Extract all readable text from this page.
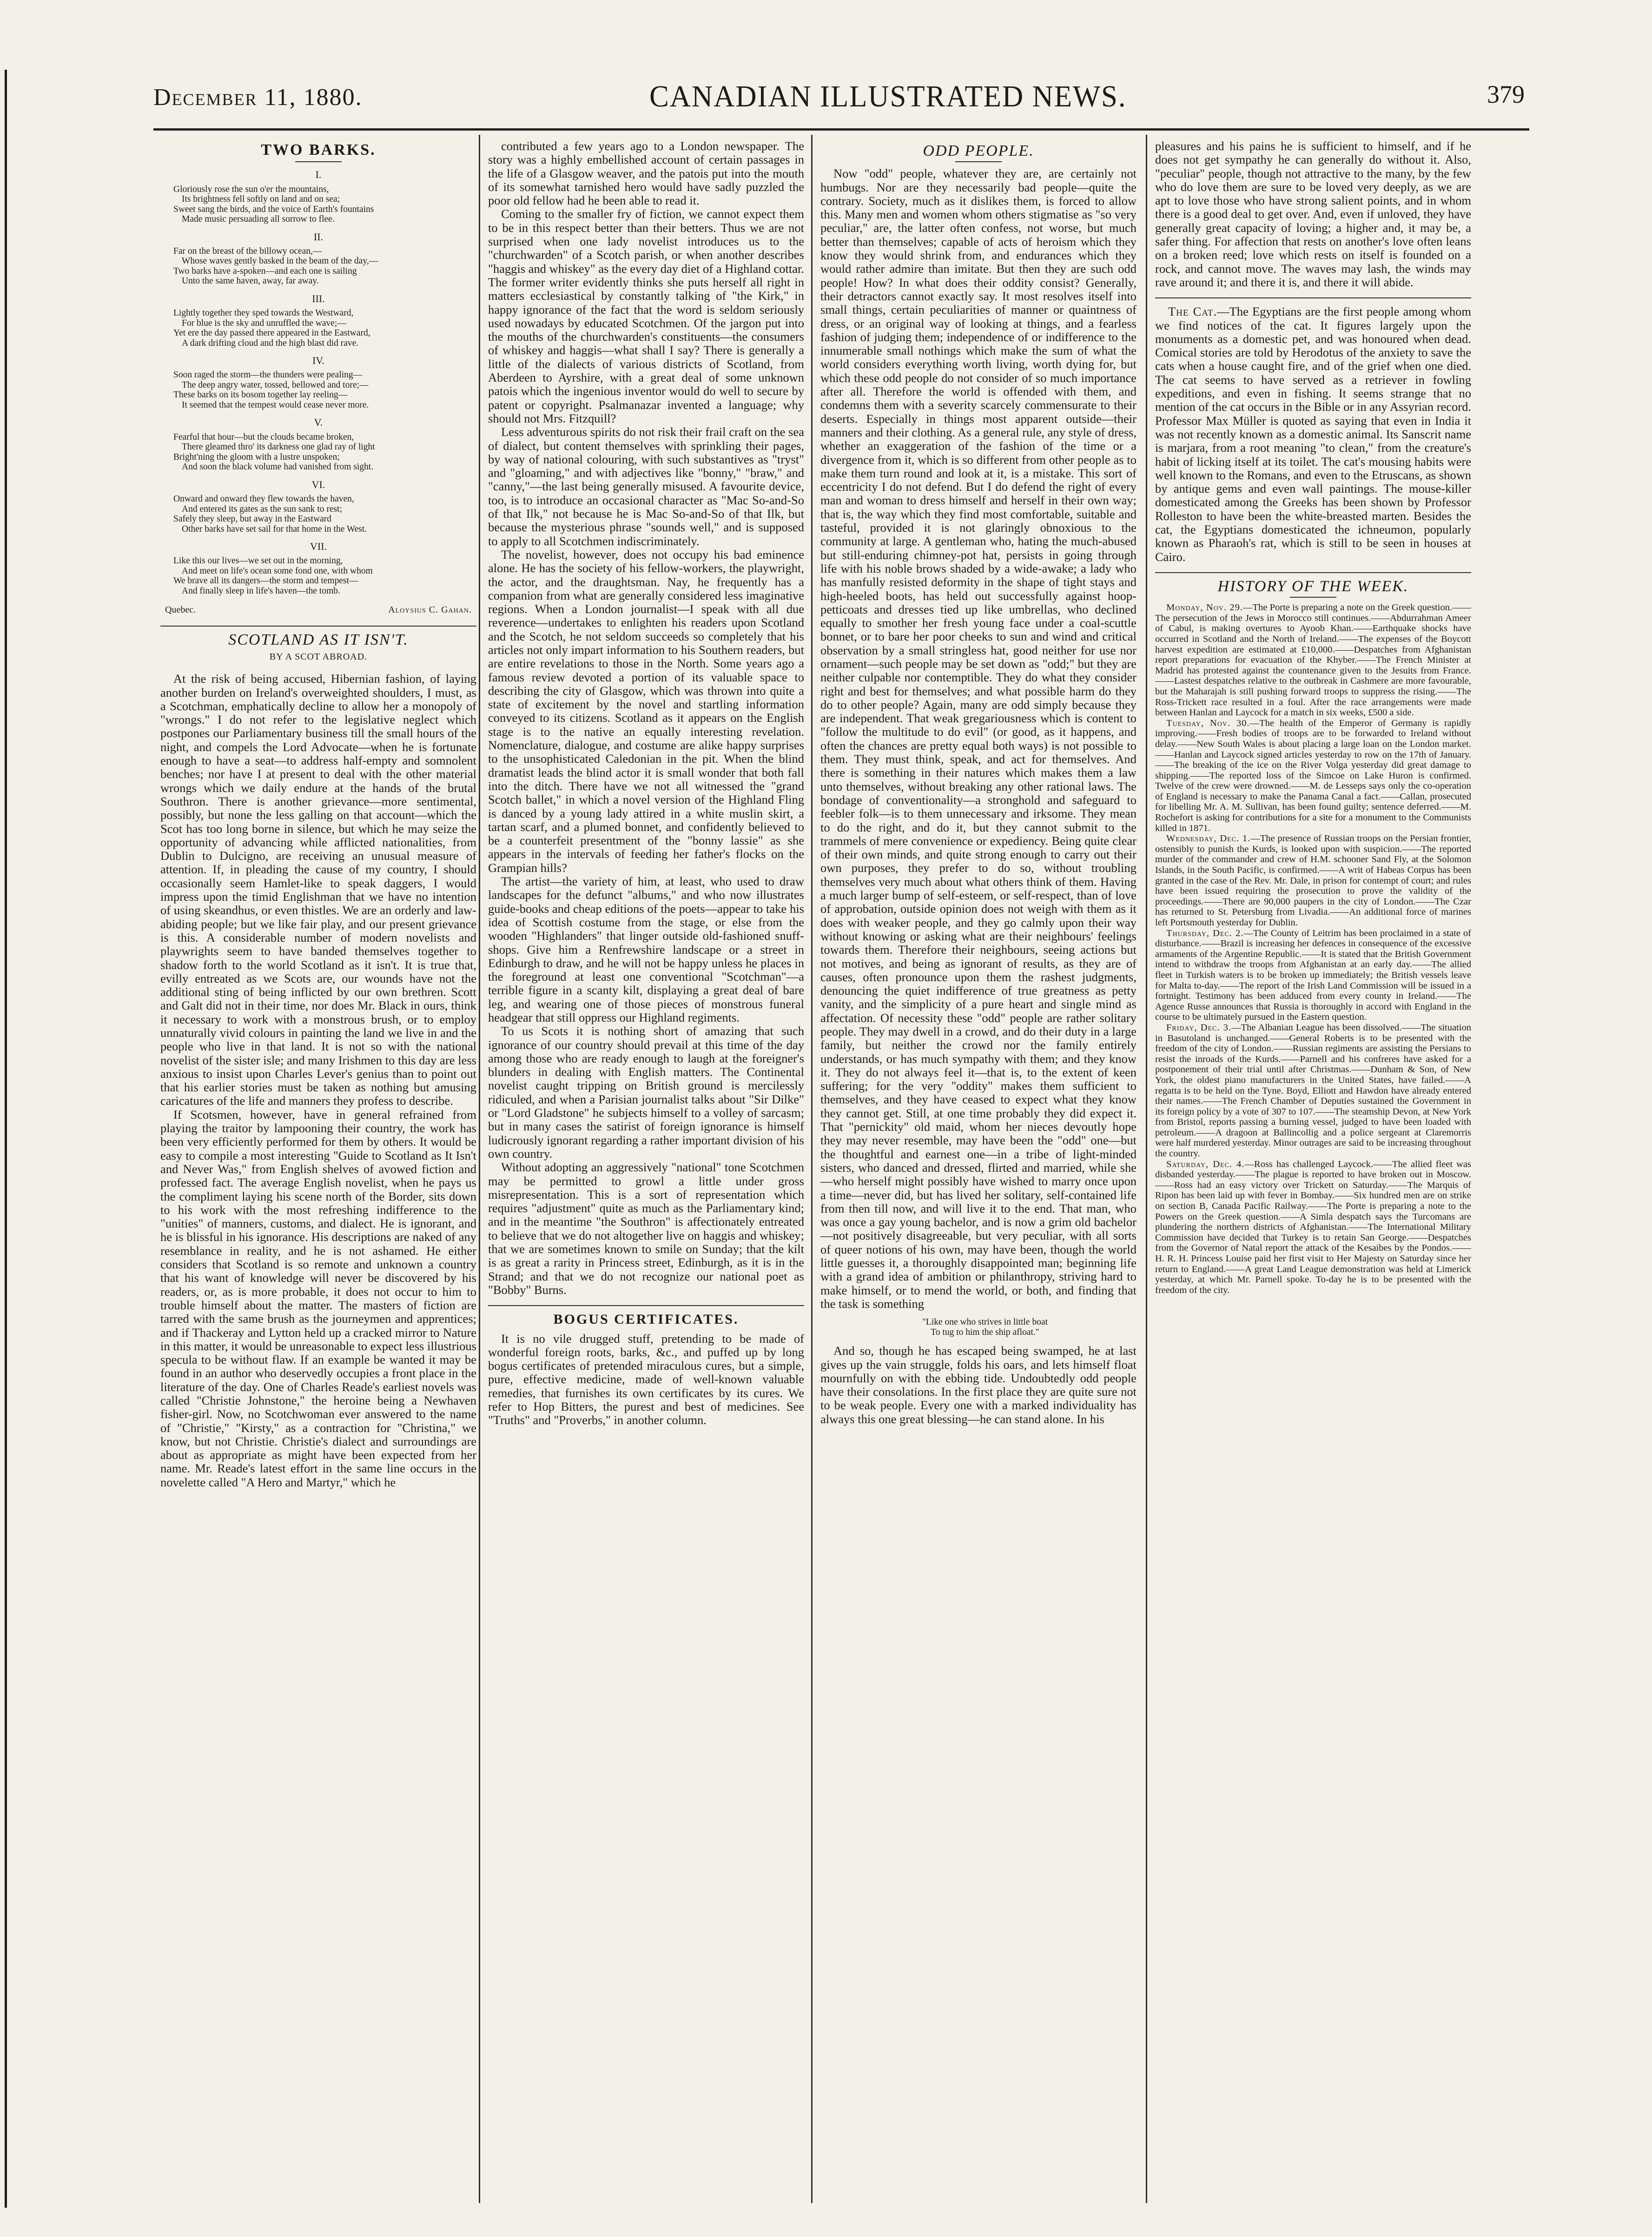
December 11, 1880.	CANADIAN ILLUSTRATED NEWS.	379
TWO BARKS.
I.

Gloriously rose the sun o'er the mountains,

Its brightness fell softly on land and on sea;

Sweet sang the birds, and the voice of Earth's fountains

Made music persuading all sorrow to flee.

II.

Far on the breast of the billowy ocean,—

Whose waves gently basked in the beam of the day,—

Two barks have a-spoken—and each one is sailing

Unto the same haven, away, far away.

III.

Lightly together they sped towards the Westward,

For blue is the sky and unruffled the wave;—

Yet ere the day passed there appeared in the Eastward,

A dark drifting cloud and the high blast did rave.

IV.

Soon raged the storm—the thunders were pealing—

The deep angry water, tossed, bellowed and tore;—

These barks on its bosom together lay reeling—

It seemed that the tempest would cease never more.

V.

Fearful that hour—but the clouds became broken,

There gleamed thro' its darkness one glad ray of light

Bright'ning the gloom with a lustre unspoken;

And soon the black volume had vanished from sight.

VI.

Onward and onward they flew towards the haven,

And entered its gates as the sun sank to rest;

Safely they sleep, but away in the Eastward

Other barks have set sail for that home in the West.

VII.

Like this our lives—we set out in the morning,

And meet on life's ocean some fond one, with whom

We brave all its dangers—the storm and tempest—

And finally sleep in life's haven—the tomb.

Quebec.	Aloysius C. Gahan.
SCOTLAND AS IT ISN'T.
BY A SCOT ABROAD.

At the risk of being accused, Hibernian fashion, of laying another burden on Ireland's overweighted shoulders, I must, as a Scotchman, emphatically decline to allow her a monopoly of "wrongs." I do not refer to the legislative neglect which postpones our Parliamentary business till the small hours of the night, and compels the Lord Advocate—when he is fortunate enough to have a seat—to address half-empty and somnolent benches; nor have I at present to deal with the other material wrongs which we daily endure at the hands of the brutal Southron. There is another grievance—more sentimental, possibly, but none the less galling on that account—which the Scot has too long borne in silence, but which he may seize the opportunity of advancing while afflicted nationalities, from Dublin to Dulcigno, are receiving an unusual measure of attention. If, in pleading the cause of my country, I should occasionally seem Hamlet-like to speak daggers, I would impress upon the timid Englishman that we have no intention of using skeandhus, or even thistles. We are an orderly and law-abiding people; but we like fair play, and our present grievance is this. A considerable number of modern novelists and playwrights seem to have banded themselves together to shadow forth to the world Scotland as it isn't. It is true that, evilly entreated as we Scots are, our wounds have not the additional sting of being inflicted by our own brethren. Scott and Galt did not in their time, nor does Mr. Black in ours, think it necessary to work with a monstrous brush, or to employ unnaturally vivid colours in painting the land we live in and the people who live in that land. It is not so with the national novelist of the sister isle; and many Irishmen to this day are less anxious to insist upon Charles Lever's genius than to point out that his earlier stories must be taken as nothing but amusing caricatures of the life and manners they profess to describe.

If Scotsmen, however, have in general refrained from playing the traitor by lampooning their country, the work has been very efficiently performed for them by others. It would be easy to compile a most interesting "Guide to Scotland as It Isn't and Never Was," from English shelves of avowed fiction and professed fact. The average English novelist, when he pays us the compliment laying his scene north of the Border, sits down to his work with the most refreshing indifference to the "unities" of manners, customs, and dialect. He is ignorant, and he is blissful in his ignorance. His descriptions are naked of any resemblance in reality, and he is not ashamed. He either considers that Scotland is so remote and unknown a country that his want of knowledge will never be discovered by his readers, or, as is more probable, it does not occur to him to trouble himself about the matter. The masters of fiction are tarred with the same brush as the journeymen and apprentices; and if Thackeray and Lytton held up a cracked mirror to Nature in this matter, it would be unreasonable to expect less illustrious specula to be without flaw. If an example be wanted it may be found in an author who deservedly occupies a front place in the literature of the day. One of Charles Reade's earliest novels was called "Christie Johnstone," the heroine being a Newhaven fisher-girl. Now, no Scotchwoman ever answered to the name of "Christie," "Kirsty," as a contraction for "Christina," we know, but not Christie. Christie's dialect and surroundings are about as appropriate as might have been expected from her name. Mr. Reade's latest effort in the same line occurs in the novelette called "A Hero and Martyr," which he

contributed a few years ago to a London newspaper. The story was a highly embellished account of certain passages in the life of a Glasgow weaver, and the patois put into the mouth of its somewhat tarnished hero would have sadly puzzled the poor old fellow had he been able to read it.

Coming to the smaller fry of fiction, we cannot expect them to be in this respect better than their betters. Thus we are not surprised when one lady novelist introduces us to the "churchwarden" of a Scotch parish, or when another describes "haggis and whiskey" as the every day diet of a Highland cottar. The former writer evidently thinks she puts herself all right in matters ecclesiastical by constantly talking of "the Kirk," in happy ignorance of the fact that the word is seldom seriously used nowadays by educated Scotchmen. Of the jargon put into the mouths of the churchwarden's constituents—the consumers of whiskey and haggis—what shall I say? There is generally a little of the dialects of various districts of Scotland, from Aberdeen to Ayrshire, with a great deal of some unknown patois which the ingenious inventor would do well to secure by patent or copyright. Psalmanazar invented a language; why should not Mrs. Fitzquill?

Less adventurous spirits do not risk their frail craft on the sea of dialect, but content themselves with sprinkling their pages, by way of national colouring, with such substantives as "tryst" and "gloaming," and with adjectives like "bonny," "braw," and "canny,"—the last being generally misused. A favourite device, too, is to introduce an occasional character as "Mac So-and-So of that Ilk," not because he is Mac So-and-So of that Ilk, but because the mysterious phrase "sounds well," and is supposed to apply to all Scotchmen indiscriminately.

The novelist, however, does not occupy his bad eminence alone. He has the society of his fellow-workers, the playwright, the actor, and the draughtsman. Nay, he frequently has a companion from what are generally considered less imaginative regions. When a London journalist—I speak with all due reverence—undertakes to enlighten his readers upon Scotland and the Scotch, he not seldom succeeds so completely that his articles not only impart information to his Southern readers, but are entire revelations to those in the North. Some years ago a famous review devoted a portion of its valuable space to describing the city of Glasgow, which was thrown into quite a state of excitement by the novel and startling information conveyed to its citizens. Scotland as it appears on the English stage is to the native an equally interesting revelation. Nomenclature, dialogue, and costume are alike happy surprises to the unsophisticated Caledonian in the pit. When the blind dramatist leads the blind actor it is small wonder that both fall into the ditch. There have we not all witnessed the "grand Scotch ballet," in which a novel version of the Highland Fling is danced by a young lady attired in a white muslin skirt, a tartan scarf, and a plumed bonnet, and confidently believed to be a counterfeit presentment of the "bonny lassie" as she appears in the intervals of feeding her father's flocks on the Grampian hills?

The artist—the variety of him, at least, who used to draw landscapes for the defunct "albums," and who now illustrates guide-books and cheap editions of the poets—appear to take his idea of Scottish costume from the stage, or else from the wooden "Highlanders" that linger outside old-fashioned snuff-shops. Give him a Renfrewshire landscape or a street in Edinburgh to draw, and he will not be happy unless he places in the foreground at least one conventional "Scotchman"—a terrible figure in a scanty kilt, displaying a great deal of bare leg, and wearing one of those pieces of monstrous funeral headgear that still oppress our Highland regiments.

To us Scots it is nothing short of amazing that such ignorance of our country should prevail at this time of the day among those who are ready enough to laugh at the foreigner's blunders in dealing with English matters. The Continental novelist caught tripping on British ground is mercilessly ridiculed, and when a Parisian journalist talks about "Sir Dilke" or "Lord Gladstone" he subjects himself to a volley of sarcasm; but in many cases the satirist of foreign ignorance is himself ludicrously ignorant regarding a rather important division of his own country.

Without adopting an aggressively "national" tone Scotchmen may be permitted to growl a little under gross misrepresentation. This is a sort of representation which requires "adjustment" quite as much as the Parliamentary kind; and in the meantime "the Southron" is affectionately entreated to believe that we do not altogether live on haggis and whiskey; that we are sometimes known to smile on Sunday; that the kilt is as great a rarity in Princess street, Edinburgh, as it is in the Strand; and that we do not recognize our national poet as "Bobby" Burns.

BOGUS CERTIFICATES.

It is no vile drugged stuff, pretending to be made of wonderful foreign roots, barks, &c., and puffed up by long bogus certificates of pretended miraculous cures, but a simple, pure, effective medicine, made of well-known valuable remedies, that furnishes its own certificates by its cures. We refer to Hop Bitters, the purest and best of medicines. See "Truths" and "Proverbs," in another column.

ODD PEOPLE.

Now "odd" people, whatever they are, are certainly not humbugs. Nor are they necessarily bad people—quite the contrary. Society, much as it dislikes them, is forced to allow this. Many men and women whom others stigmatise as "so very peculiar," are, the latter often confess, not worse, but much better than themselves; capable of acts of heroism which they know they would shrink from, and endurances which they would rather admire than imitate. But then they are such odd people! How? In what does their oddity consist? Generally, their detractors cannot exactly say. It most resolves itself into small things, certain peculiarities of manner or quaintness of dress, or an original way of looking at things, and a fearless fashion of judging them; independence of or indifference to the innumerable small nothings which make the sum of what the world considers everything worth living, worth dying for, but which these odd people do not consider of so much importance after all. Therefore the world is offended with them, and condemns them with a severity scarcely commensurate to their deserts. Especially in things most apparent outside—their manners and their clothing. As a general rule, any style of dress, whether an exaggeration of the fashion of the time or a divergence from it, which is so different from other people as to make them turn round and look at it, is a mistake. This sort of eccentricity I do not defend. But I do defend the right of every man and woman to dress himself and herself in their own way; that is, the way which they find most comfortable, suitable and tasteful, provided it is not glaringly obnoxious to the community at large. A gentleman who, hating the much-abused but still-enduring chimney-pot hat, persists in going through life with his noble brows shaded by a wide-awake; a lady who has manfully resisted deformity in the shape of tight stays and high-heeled boots, has held out successfully against hoop-petticoats and dresses tied up like umbrellas, who declined equally to smother her fresh young face under a coal-scuttle bonnet, or to bare her poor cheeks to sun and wind and critical observation by a small stringless hat, good neither for use nor ornament—such people may be set down as "odd;" but they are neither culpable nor contemptible. They do what they consider right and best for themselves; and what possible harm do they do to other people? Again, many are odd simply because they are independent. That weak gregariousness which is content to "follow the multitude to do evil" (or good, as it happens, and often the chances are pretty equal both ways) is not possible to them. They must think, speak, and act for themselves. And there is something in their natures which makes them a law unto themselves, without breaking any other rational laws. The bondage of conventionality—a stronghold and safeguard to feebler folk—is to them unnecessary and irksome. They mean to do the right, and do it, but they cannot submit to the trammels of mere convenience or expediency. Being quite clear of their own minds, and quite strong enough to carry out their own purposes, they prefer to do so, without troubling themselves very much about what others think of them. Having a much larger bump of self-esteem, or self-respect, than of love of approbation, outside opinion does not weigh with them as it does with weaker people, and they go calmly upon their way without knowing or asking what are their neighbours' feelings towards them. Therefore their neighbours, seeing actions but not motives, and being as ignorant of results, as they are of causes, often pronounce upon them the rashest judgments, denouncing the quiet indifference of true greatness as petty vanity, and the simplicity of a pure heart and single mind as affectation. Of necessity these "odd" people are rather solitary people. They may dwell in a crowd, and do their duty in a large family, but neither the crowd nor the family entirely understands, or has much sympathy with them; and they know it. They do not always feel it—that is, to the extent of keen suffering; for the very "oddity" makes them sufficient to themselves, and they have ceased to expect what they know they cannot get. Still, at one time probably they did expect it. That "pernickity" old maid, whom her nieces devoutly hope they may never resemble, may have been the "odd" one—but the thoughtful and earnest one—in a tribe of light-minded sisters, who danced and dressed, flirted and married, while she—who herself might possibly have wished to marry once upon a time—never did, but has lived her solitary, self-contained life from then till now, and will live it to the end. That man, who was once a gay young bachelor, and is now a grim old bachelor—not positively disagreeable, but very peculiar, with all sorts of queer notions of his own, may have been, though the world little guesses it, a thoroughly disappointed man; beginning life with a grand idea of ambition or philanthropy, striving hard to make himself, or to mend the world, or both, and finding that the task is something

"Like one who strives in little boat

To tug to him the ship afloat."

And so, though he has escaped being swamped, he at last gives up the vain struggle, folds his oars, and lets himself float mournfully on with the ebbing tide. Undoubtedly odd people have their consolations. In the first place they are quite sure not to be weak people. Every one with a marked individuality has always this one great blessing—he can stand alone. In his

pleasures and his pains he is sufficient to himself, and if he does not get sympathy he can generally do without it. Also, "peculiar" people, though not attractive to the many, by the few who do love them are sure to be loved very deeply, as we are apt to love those who have strong salient points, and in whom there is a good deal to get over. And, even if unloved, they have generally great capacity of loving; a higher and, it may be, a safer thing. For affection that rests on another's love often leans on a broken reed; love which rests on itself is founded on a rock, and cannot move. The waves may lash, the winds may rave around it; and there it is, and there it will abide.

The Cat.—The Egyptians are the first people among whom we find notices of the cat. It figures largely upon the monuments as a domestic pet, and was honoured when dead. Comical stories are told by Herodotus of the anxiety to save the cats when a house caught fire, and of the grief when one died. The cat seems to have served as a retriever in fowling expeditions, and even in fishing. It seems strange that no mention of the cat occurs in the Bible or in any Assyrian record. Professor Max Müller is quoted as saying that even in India it was not recently known as a domestic animal. Its Sanscrit name is marjara, from a root meaning "to clean," from the creature's habit of licking itself at its toilet. The cat's mousing habits were well known to the Romans, and even to the Etruscans, as shown by antique gems and even wall paintings. The mouse-killer domesticated among the Greeks has been shown by Professor Rolleston to have been the white-breasted marten. Besides the cat, the Egyptians domesticated the ichneumon, popularly known as Pharaoh's rat, which is still to be seen in houses at Cairo.

HISTORY OF THE WEEK.

Monday, Nov. 29.—The Porte is preparing a note on the Greek question.——The persecution of the Jews in Morocco still continues.——Abdurrahman Ameer of Cabul, is making overtures to Ayoob Khan.——Earthquake shocks have occurred in Scotland and the North of Ireland.——The expenses of the Boycott harvest expedition are estimated at £10,000.——Despatches from Afghanistan report preparations for evacuation of the Khyber.——The French Minister at Madrid has protested against the countenance given to the Jesuits from France.——Lastest despatches relative to the outbreak in Cashmere are more favourable, but the Maharajah is still pushing forward troops to suppress the rising.——The Ross-Trickett race resulted in a foul. After the race arrangements were made between Hanlan and Laycock for a match in six weeks, £500 a side.

Tuesday, Nov. 30.—The health of the Emperor of Germany is rapidly improving.——Fresh bodies of troops are to be forwarded to Ireland without delay.——New South Wales is about placing a large loan on the London market.——Hanlan and Laycock signed articles yesterday to row on the 17th of January.——The breaking of the ice on the River Volga yesterday did great damage to shipping.——The reported loss of the Simcoe on Lake Huron is confirmed. Twelve of the crew were drowned.——M. de Lesseps says only the co-operation of England is necessary to make the Panama Canal a fact.——Callan, prosecuted for libelling Mr. A. M. Sullivan, has been found guilty; sentence deferred.——M. Rochefort is asking for contributions for a site for a monument to the Communists killed in 1871.

Wednesday, Dec. 1.—The presence of Russian troops on the Persian frontier, ostensibly to punish the Kurds, is looked upon with suspicion.——The reported murder of the commander and crew of H.M. schooner Sand Fly, at the Solomon Islands, in the South Pacific, is confirmed.——A writ of Habeas Corpus has been granted in the case of the Rev. Mr. Dale, in prison for contempt of court; and rules have been issued requiring the prosecution to prove the validity of the proceedings.——There are 90,000 paupers in the city of London.——The Czar has returned to St. Petersburg from Livadia.——An additional force of marines left Portsmouth yesterday for Dublin.

Thursday, Dec. 2.—The County of Leitrim has been proclaimed in a state of disturbance.——Brazil is increasing her defences in consequence of the excessive armaments of the Argentine Republic.——It is stated that the British Government intend to withdraw the troops from Afghanistan at an early day.——The allied fleet in Turkish waters is to be broken up immediately; the British vessels leave for Malta to-day.——The report of the Irish Land Commission will be issued in a fortnight. Testimony has been adduced from every county in Ireland.——The Agence Russe announces that Russia is thoroughly in accord with England in the course to be ultimately pursued in the Eastern question.

Friday, Dec. 3.—The Albanian League has been dissolved.——The situation in Basutoland is unchanged.——General Roberts is to be presented with the freedom of the city of London.——Russian regiments are assisting the Persians to resist the inroads of the Kurds.——Parnell and his confreres have asked for a postponement of their trial until after Christmas.——Dunham & Son, of New York, the oldest piano manufacturers in the United States, have failed.——A regatta is to be held on the Tyne. Boyd, Elliott and Hawdon have already entered their names.——The French Chamber of Deputies sustained the Government in its foreign policy by a vote of 307 to 107.——The steamship Devon, at New York from Bristol, reports passing a burning vessel, judged to have been loaded with petroleum.——A dragoon at Ballincollig and a police sergeant at Claremorris were half murdered yesterday. Minor outrages are said to be increasing throughout the country.

Saturday, Dec. 4.—Ross has challenged Laycock.——The allied fleet was disbanded yesterday.——The plague is reported to have broken out in Moscow.——Ross had an easy victory over Trickett on Saturday.——The Marquis of Ripon has been laid up with fever in Bombay.——Six hundred men are on strike on section B, Canada Pacific Railway.——The Porte is preparing a note to the Powers on the Greek question.——A Simla despatch says the Turcomans are plundering the northern districts of Afghanistan.——The International Military Commission have decided that Turkey is to retain San George.——Despatches from the Governor of Natal report the attack of the Kesaibes by the Pondos.——H. R. H. Princess Louise paid her first visit to Her Majesty on Saturday since her return to England.——A great Land League demonstration was held at Limerick yesterday, at which Mr. Parnell spoke. To-day he is to be presented with the freedom of the city.
